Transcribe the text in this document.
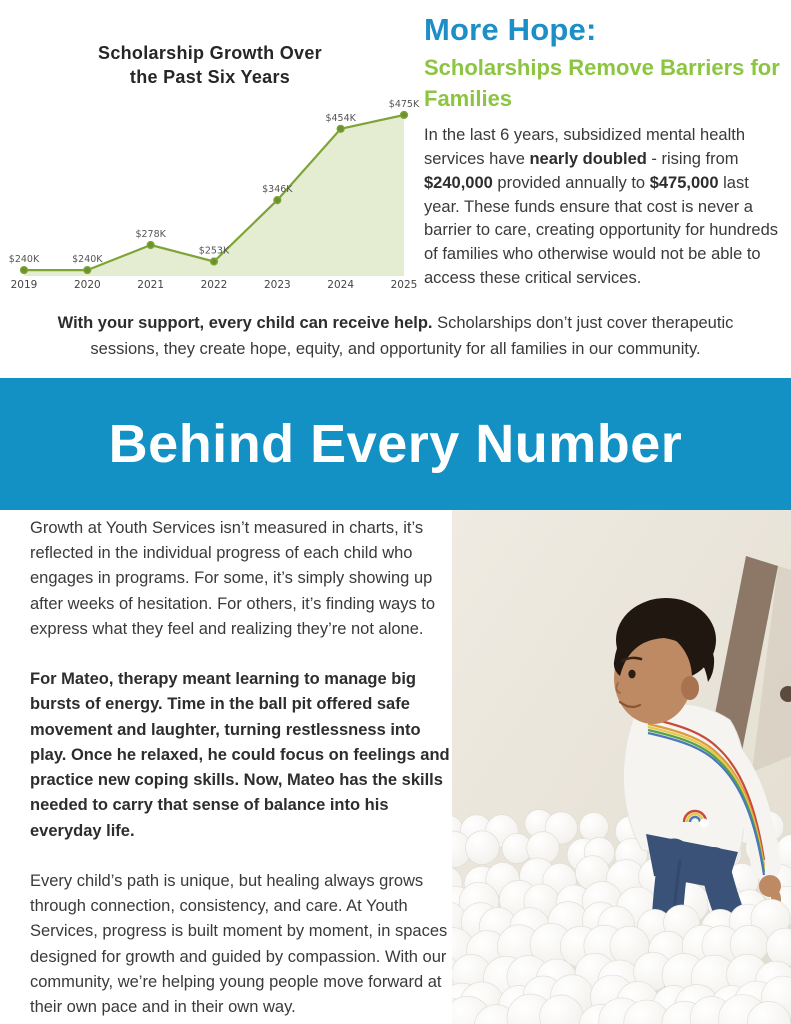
Scholarship Growth Over
the Past Six Years
$240K
2019
$240K
2020
$278K
2021
$253K
2022
$346K
2023
$454K
2024
$475K
2025
More Hope:
Scholarships Remove Barriers for Families

In the last 6 years, subsidized mental health services have nearly doubled - rising from $240,000 provided annually to $475,000 last year. These funds ensure that cost is never a barrier to care, creating opportunity for hundreds of families who otherwise would not be able to access these critical services.

With your support, every child can receive help. Scholarships don’t just cover therapeutic sessions, they create hope, equity, and opportunity for all families in our community.

Behind Every Number

Growth at Youth Services isn’t measured in charts, it’s reflected in the individual progress of each child who engages in programs. For some, it’s simply showing up after weeks of hesitation. For others, it’s finding ways to express what they feel and realizing they’re not alone.

For Mateo, therapy meant learning to manage big bursts of energy. Time in the ball pit offered safe movement and laughter, turning restlessness into play. Once he relaxed, he could focus on feelings and practice new coping skills. Now, Mateo has the skills needed to carry that sense of balance into his everyday life.

Every child’s path is unique, but healing always grows through connection, consistency, and care. At Youth Services, progress is built moment by moment, in spaces designed for growth and guided by compassion. With our community, we’re helping young people move forward at their own pace and in their own way.
